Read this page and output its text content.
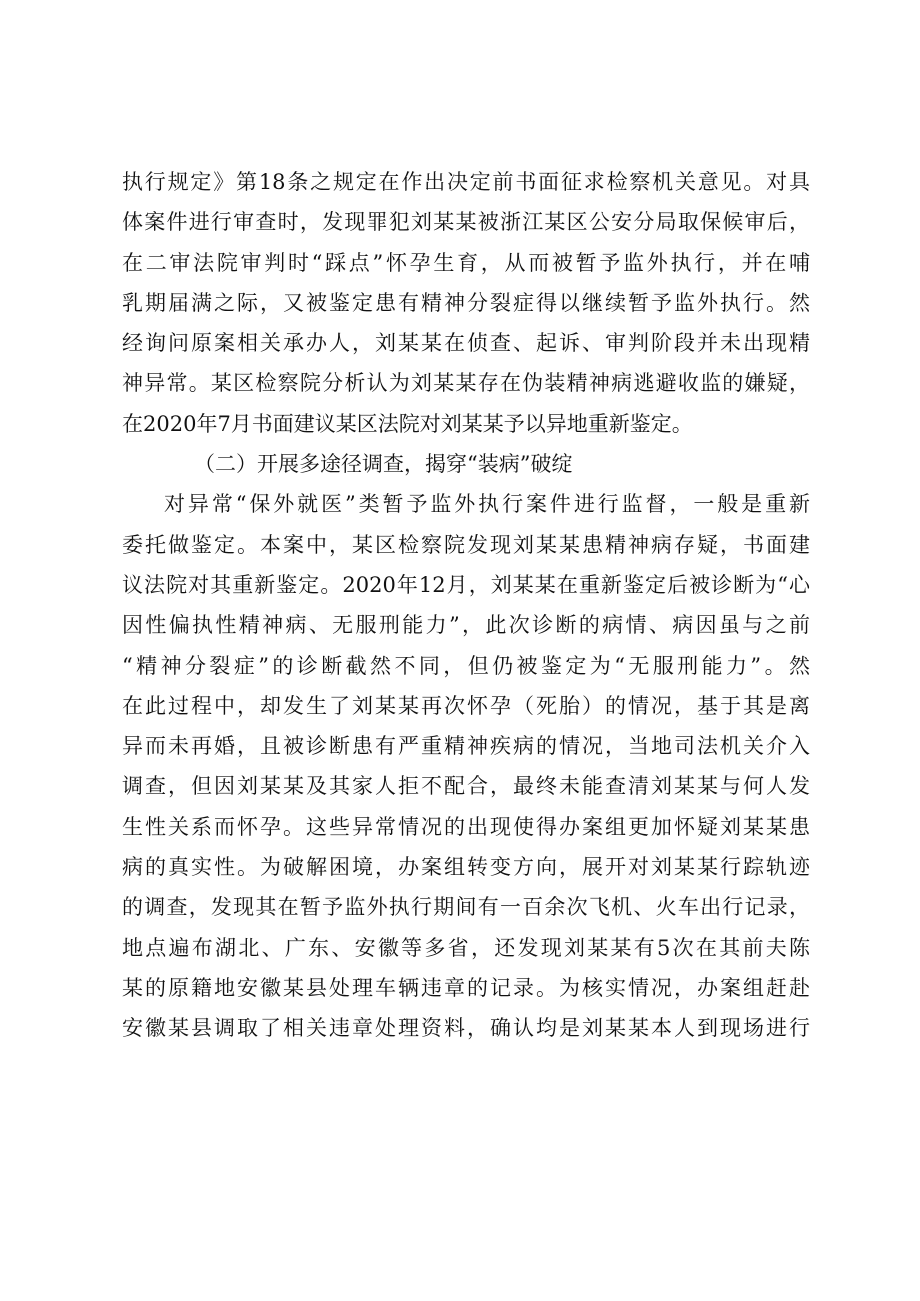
执行规定》第18条之规定在作出决定前书面征求检察机关意见。对具
体案件进行审查时，发现罪犯刘某某被浙江某区公安分局取保候审后，
在二审法院审判时“踩点”怀孕生育，从而被暂予监外执行，并在哺
乳期届满之际，又被鉴定患有精神分裂症得以继续暂予监外执行。然
经询问原案相关承办人，刘某某在侦查、起诉、审判阶段并未出现精
神异常。某区检察院分析认为刘某某存在伪装精神病逃避收监的嫌疑，
在2020年7月书面建议某区法院对刘某某予以异地重新鉴定。
（二）开展多途径调查，揭穿“装病”破绽
对异常“保外就医”类暂予监外执行案件进行监督，一般是重新
委托做鉴定。本案中，某区检察院发现刘某某患精神病存疑，书面建
议法院对其重新鉴定。2020年12月，刘某某在重新鉴定后被诊断为“心
因性偏执性精神病、无服刑能力”，此次诊断的病情、病因虽与之前
“精神分裂症”的诊断截然不同，但仍被鉴定为“无服刑能力”。然
在此过程中，却发生了刘某某再次怀孕（死胎）的情况，基于其是离
异而未再婚，且被诊断患有严重精神疾病的情况，当地司法机关介入
调查，但因刘某某及其家人拒不配合，最终未能查清刘某某与何人发
生性关系而怀孕。这些异常情况的出现使得办案组更加怀疑刘某某患
病的真实性。为破解困境，办案组转变方向，展开对刘某某行踪轨迹
的调查，发现其在暂予监外执行期间有一百余次飞机、火车出行记录，
地点遍布湖北、广东、安徽等多省，还发现刘某某有5次在其前夫陈
某的原籍地安徽某县处理车辆违章的记录。为核实情况，办案组赶赴
安徽某县调取了相关违章处理资料，确认均是刘某某本人到现场进行
